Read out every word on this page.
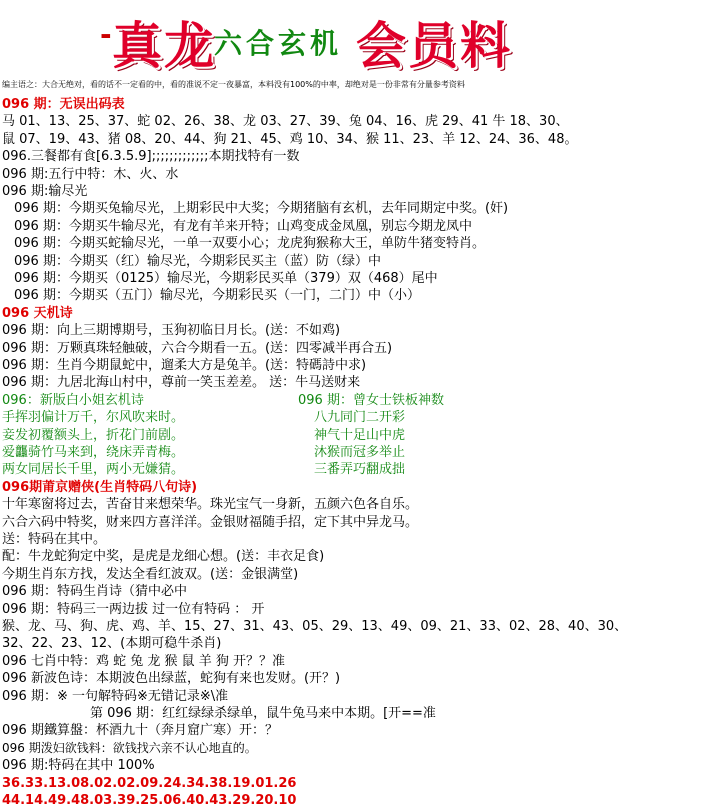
- 真龙
六合玄机 会员料
编主语之：大合无绝对，看的话不一定看的中，看的准说不定一夜暴富，本料没有100%的中率，却绝对是一份非常有分量参考资料
096 期：无误出码表
马 01、13、25、37、蛇 02、26、38、龙 03、27、39、兔 04、16、虎 29、41 牛 18、30、
鼠 07、19、43、猪 08、20、44、狗 21、45、鸡 10、34、猴 11、23、羊 12、24、36、48。
096.三餐都有食[6.3.5.9];;;;;;;;;;;;;本期找特有一数
096 期:五行中特：木、火、水
096 期:输尽光
096 期：今期买兔输尽光，上期彩民中大奖；今期猪脑有玄机，去年同期定中奖。(奸)
096 期：今期买牛输尽光，有龙有羊来开特；山鸡变成金凤凰，别忘今期龙凤中
096 期：今期买蛇输尽光，一单一双要小心；龙虎狗猴称大王，单防牛猪变特肖。
096 期：今期买（红）输尽光，今期彩民买主（蓝）防（绿）中
096 期：今期买（0125）输尽光，今期彩民买单（379）双（468）尾中
096 期：今期买（五门）输尽光，今期彩民买（一门，二门）中（小）
096 天机诗
096 期：向上三期博期号，玉狗初临日月长。(送：不如鸡)
096 期：万颗真珠轻触破，六合今期看一五。(送：四零减半再合五)
096 期：生肖今期鼠蛇中，遛柔大方是兔羊。(送：特碼詩中求)
096 期：九居北海山村中，尊前一笑玉差差。 送：牛马送财来
096：新版白小姐玄机诗	096 期：曾女士铁板神数
手挥羽偏计万千，尔风吹来时。
妾发初覆额头上，折花门前剧。
爱龘骑竹马来到，绕床弄青梅。
两女同居长千里，两小无嫌猜。
八九同门二开彩
神气十足山中虎
沐猴而冠多举止
三番弄巧翻成拙
096期莆京赠侠(生肖特码八句诗)
十年寒窗将过去，苦奋甘来想荣华。珠光宝气一身新，五颜六色各自乐。
六合六码中特奖，财来四方喜洋洋。金银财福随手招，定下其中异龙马。
送：特码在其中。
配：牛龙蛇狗定中奖，是虎是龙细心想。(送：丰衣足食)
今期生肖东方找，发达全看红波双。(送：金银满堂)
096 期：特码生肖诗（猜中必中
096 期：特码三一两边拔 过一位有特码 ： 开
猴、龙、马、狗、虎、鸡、羊、15、27、31、43、05、29、13、49、09、21、33、02、28、40、30、
32、22、23、12、(本期可稳牛杀肖)
096 七肖中特：鸡 蛇 兔 龙 猴 鼠 羊 狗 开？？准
096 新波色诗：本期波色出绿蓝，蛇狗有来也发财。(开？)
096 期：※ 一句解特码※无错记录※\准
第 096 期：红红绿绿杀绿单，鼠牛兔马来中本期。[开==准
096 期鐵算盤：杯酒九十（奔月窟广寒）开：？
096 期泼妇欲钱料：欲钱找六亲不认心地直的。
096 期:特码在其中 100%
36.33.13.08.02.02.09.24.34.38.19.01.26
44.14.49.48.03.39.25.06.40.43.29.20.10
